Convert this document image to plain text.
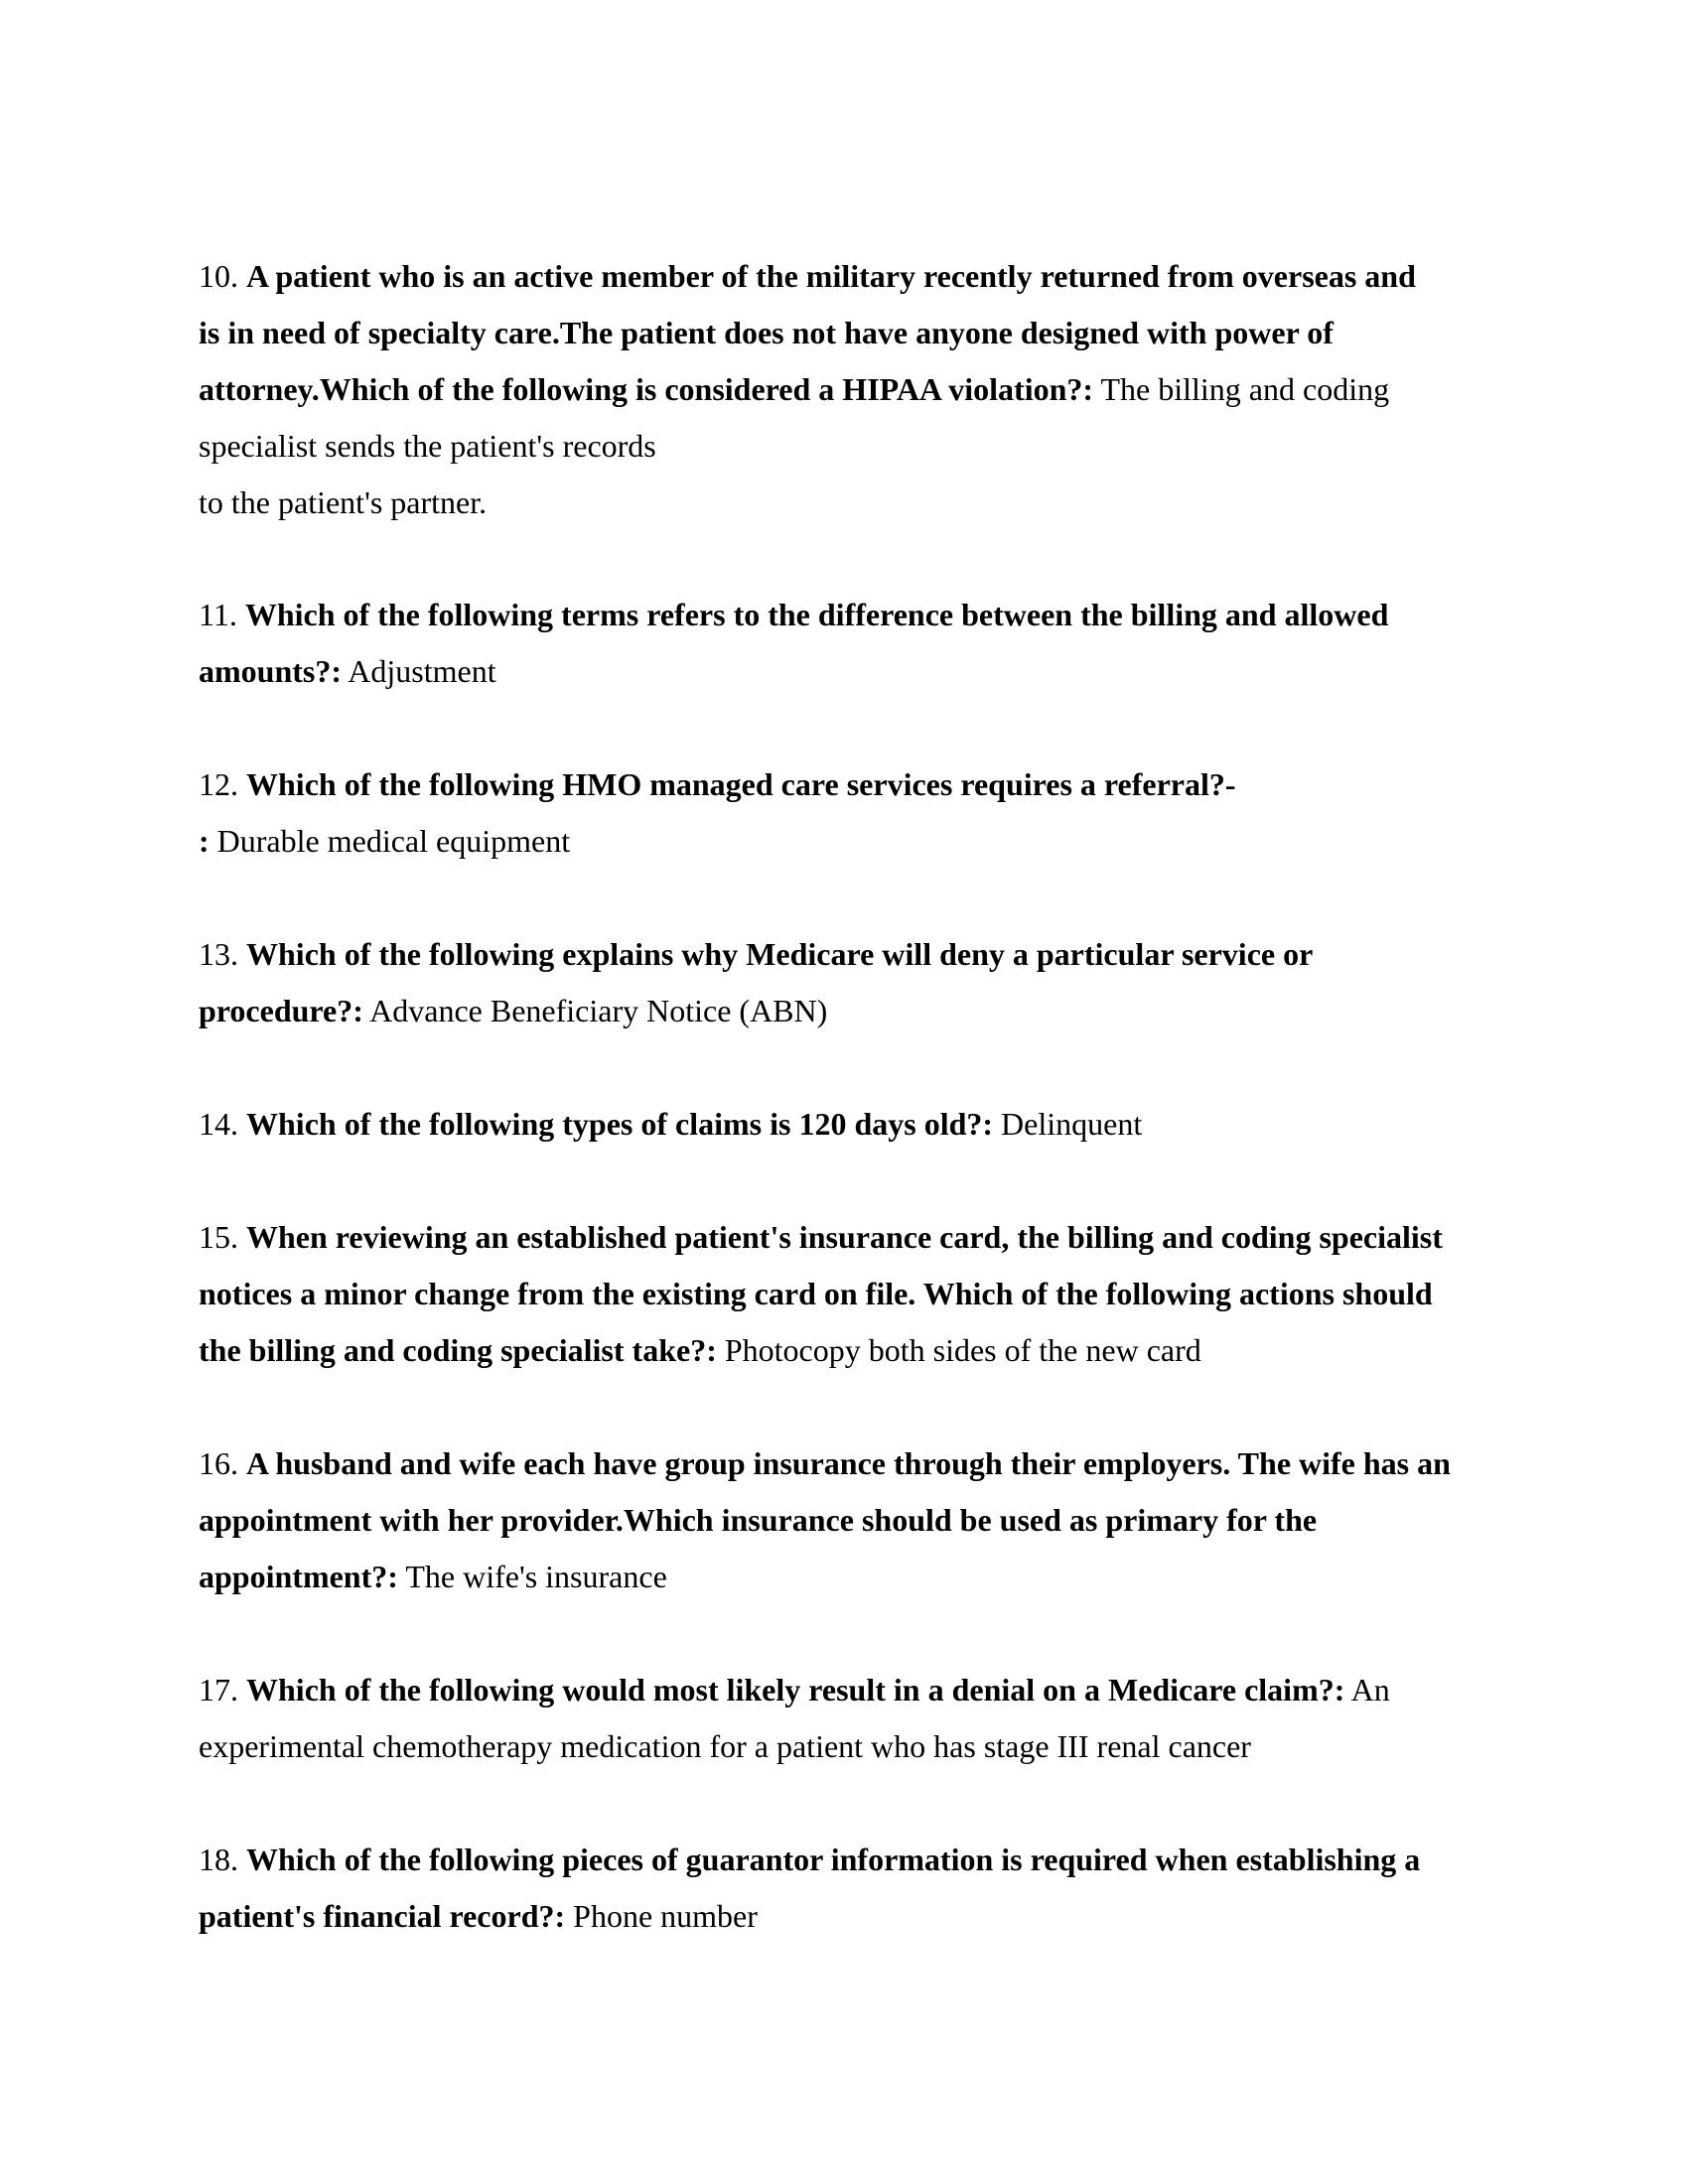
10. A patient who is an active member of the military recently returned from overseas and
is in need of specialty care.The patient does not have anyone designed with power of
attorney.Which of the following is considered a HIPAA violation?: The billing and coding
specialist sends the patient's records
to the patient's partner.
11. Which of the following terms refers to the difference between the billing and allowed
amounts?: Adjustment
12. Which of the following HMO managed care services requires a referral?-
: Durable medical equipment
13. Which of the following explains why Medicare will deny a particular service or
procedure?: Advance Beneficiary Notice (ABN)
14. Which of the following types of claims is 120 days old?: Delinquent
15. When reviewing an established patient's insurance card, the billing and coding specialist
notices a minor change from the existing card on file. Which of the following actions should
the billing and coding specialist take?: Photocopy both sides of the new card
16. A husband and wife each have group insurance through their employers. The wife has an
appointment with her provider.Which insurance should be used as primary for the
appointment?: The wife's insurance
17. Which of the following would most likely result in a denial on a Medicare claim?: An
experimental chemotherapy medication for a patient who has stage III renal cancer
18. Which of the following pieces of guarantor information is required when establishing a
patient's financial record?: Phone number
